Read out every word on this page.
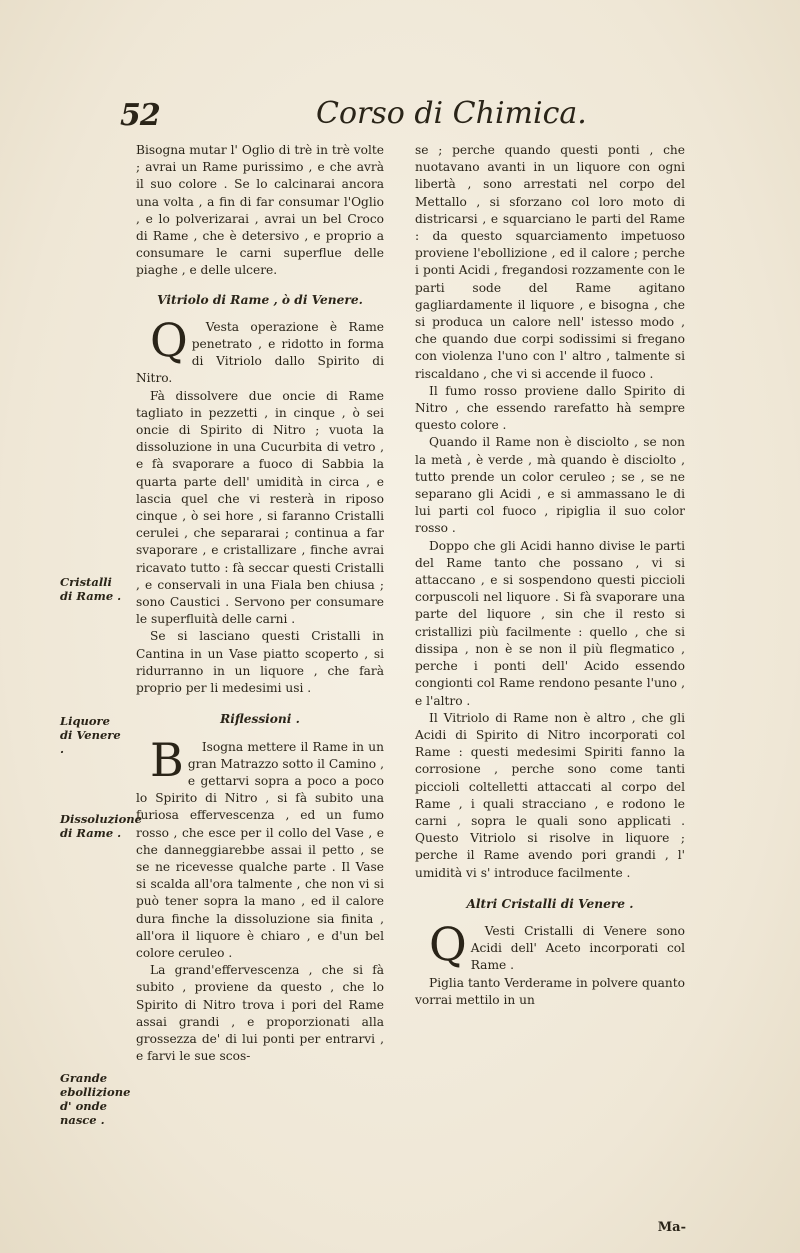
52	Corso di Chimica.

Bisogna mutar l' Oglio di trè in trè volte ; avrai un Rame purissimo , e che avrà il suo colore . Se lo calcinarai ancora una volta , a fin di far consumar l'Oglio , e lo polverizarai , avrai un bel Croco di Rame , che è detersivo , e proprio a consumare le carni superflue delle piaghe , e delle ulcere.

Vitriolo di Rame , ò di Venere.

Q Vesta operazione è Rame penetrato , e ridotto in forma di Vitriolo dallo Spirito di Nitro.

Fà dissolvere due oncie di Rame tagliato in pezzetti , in cinque , ò sei oncie di Spirito di Nitro ; vuota la dissoluzione in una Cucurbita di vetro , e fà svaporare a fuoco di Sabbia la quarta parte dell' umidità in circa , e lascia quel che vi resterà in riposo cinque , ò sei hore , si faranno Cristalli cerulei , che separarai ; continua a far svaporare , e cristallizare , finche avrai ricavato tutto : fà seccar questi Cristalli , e conservali in una Fiala ben chiusa ; sono Caustici . Servono per consumare le superfluità delle carni .

Se si lasciano questi Cristalli in Cantina in un Vase piatto scoperto , si ridurranno in un liquore , che farà proprio per li medesimi usi .

Riflessioni .

B Isogna mettere il Rame in un gran Matrazzo sotto il Camino , e gettarvi sopra a poco a poco lo Spirito di Nitro , si fà subito una furiosa effervescenza , ed un fumo rosso , che esce per il collo del Vase , e che danneggiarebbe assai il petto , se se ne ricevesse qualche parte . Il Vase si scalda all'ora talmente , che non vi si può tener sopra la mano , ed il calore dura finche la dissoluzione sia finita , all'ora il liquore è chiaro , e d'un bel colore ceruleo .

La grand'effervescenza , che si fà subito , proviene da questo , che lo Spirito di Nitro trova i pori del Rame assai grandi , e proporzionati alla grossezza de' di lui ponti per entrarvi , e farvi le sue scos-

Cristalli di Rame .
Liquore di Venere .
Dissoluzione di Rame .
Grande ebollizione d' onde nasce .

se ; perche quando questi ponti , che nuotavano avanti in un liquore con ogni libertà , sono arrestati nel corpo del Mettallo , si sforzano col loro moto di districarsi , e squarciano le parti del Rame : da questo squarciamento impetuoso proviene l'ebollizione , ed il calore ; perche i ponti Acidi , fregandosi rozzamente con le parti sode del Rame agitano gagliardamente il liquore , e bisogna , che si produca un calore nell' istesso modo , che quando due corpi sodissimi si fregano con violenza l'uno con l' altro , talmente si riscaldano , che vi si accende il fuoco .

Il fumo rosso proviene dallo Spirito di Nitro , che essendo rarefatto hà sempre questo colore .

Quando il Rame non è disciolto , se non la metà , è verde , mà quando è disciolto , tutto prende un color ceruleo ; se , se ne separano gli Acidi , e si ammassano le di lui parti col fuoco , ripiglia il suo color rosso .

Doppo che gli Acidi hanno divise le parti del Rame tanto che possano , vi si attaccano , e si sospendono questi piccioli corpuscoli nel liquore . Si fà svaporare una parte del liquore , sin che il resto si cristallizi più facilmente : quello , che si dissipa , non è se non il più flegmatico , perche i ponti dell' Acido essendo congionti col Rame rendono pesante l'uno , e l'altro .

Il Vitriolo di Rame non è altro , che gli Acidi di Spirito di Nitro incorporati col Rame : questi medesimi Spiriti fanno la corrosione , perche sono come tanti piccioli coltelletti attaccati al corpo del Rame , i quali stracciano , e rodono le carni , sopra le quali sono applicati . Questo Vitriolo si risolve in liquore ; perche il Rame avendo pori grandi , l' umidità vi s' introduce facilmente .

Altri Cristalli di Venere .

Q Vesti Cristalli di Venere sono Acidi dell' Aceto incorporati col Rame .

Piglia tanto Verderame in polvere quanto vorrai mettilo in un

Ma-
